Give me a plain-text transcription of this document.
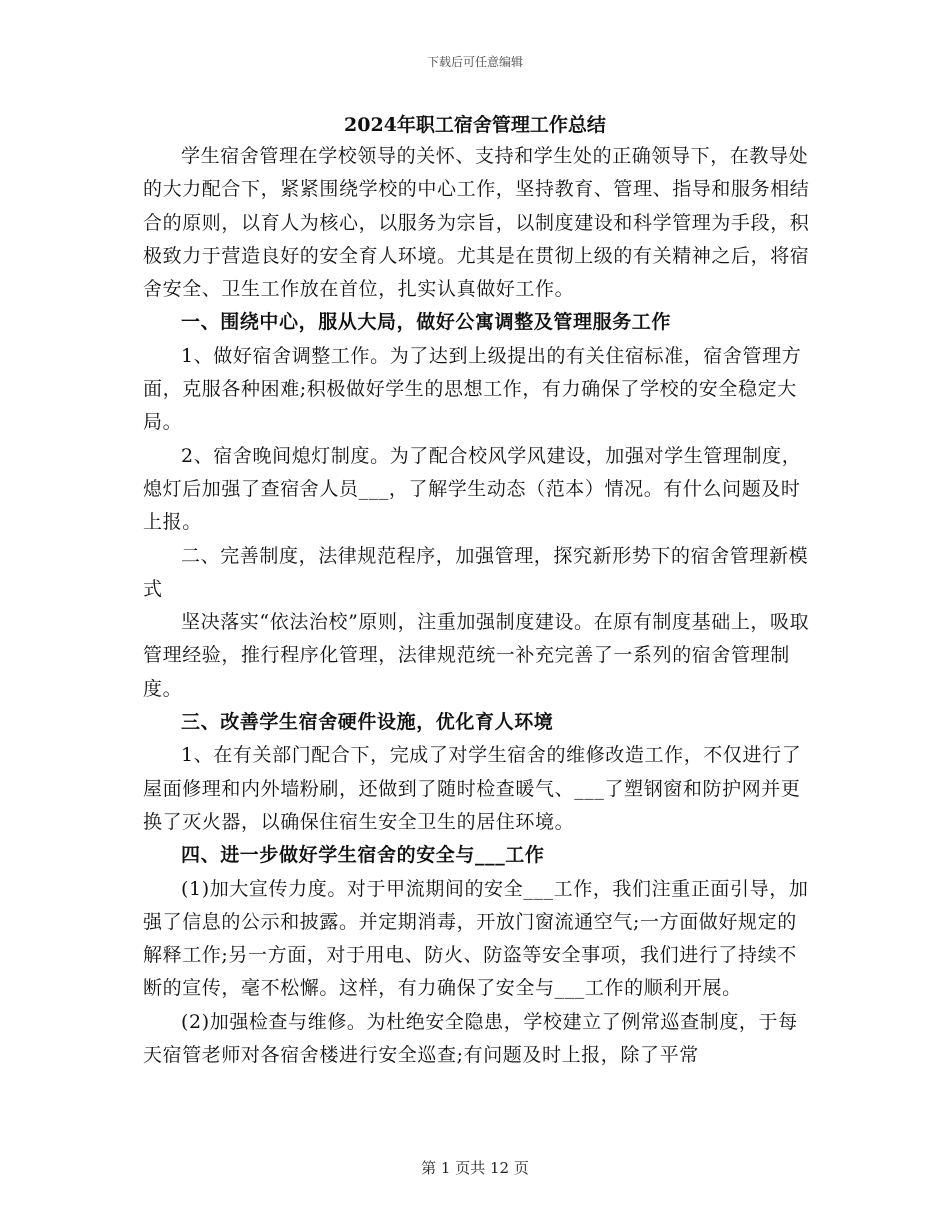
下载后可任意编辑
2024年职工宿舍管理工作总结

学生宿舍管理在学校领导的关怀、支持和学生处的正确领导下，在教导处的大力配合下，紧紧围绕学校的中心工作，坚持教育、管理、指导和服务相结合的原则，以育人为核心，以服务为宗旨，以制度建设和科学管理为手段，积极致力于营造良好的安全育人环境。尤其是在贯彻上级的有关精神之后，将宿舍安全、卫生工作放在首位，扎实认真做好工作。

一、围绕中心，服从大局，做好公寓调整及管理服务工作

1、做好宿舍调整工作。为了达到上级提出的有关住宿标准，宿舍管理方面，克服各种困难;积极做好学生的思想工作，有力确保了学校的安全稳定大局。

2、宿舍晚间熄灯制度。为了配合校风学风建设，加强对学生管理制度，熄灯后加强了查宿舍人员___，了解学生动态（范本）情况。有什么问题及时上报。

二、完善制度，法律规范程序，加强管理，探究新形势下的宿舍管理新模式

坚决落实“依法治校”原则，注重加强制度建设。在原有制度基础上，吸取管理经验，推行程序化管理，法律规范统一补充完善了一系列的宿舍管理制度。

三、改善学生宿舍硬件设施，优化育人环境

1、在有关部门配合下，完成了对学生宿舍的维修改造工作，不仅进行了屋面修理和内外墙粉刷，还做到了随时检查暖气、___了塑钢窗和防护网并更换了灭火器，以确保住宿生安全卫生的居住环境。

四、进一步做好学生宿舍的安全与___工作

(1)加大宣传力度。对于甲流期间的安全___工作，我们注重正面引导，加强了信息的公示和披露。并定期消毒，开放门窗流通空气;一方面做好规定的解释工作;另一方面，对于用电、防火、防盗等安全事项，我们进行了持续不断的宣传，毫不松懈。这样，有力确保了安全与___工作的顺利开展。

(2)加强检查与维修。为杜绝安全隐患，学校建立了例常巡查制度，于每天宿管老师对各宿舍楼进行安全巡查;有问题及时上报，除了平常

第 1 页共 12 页
